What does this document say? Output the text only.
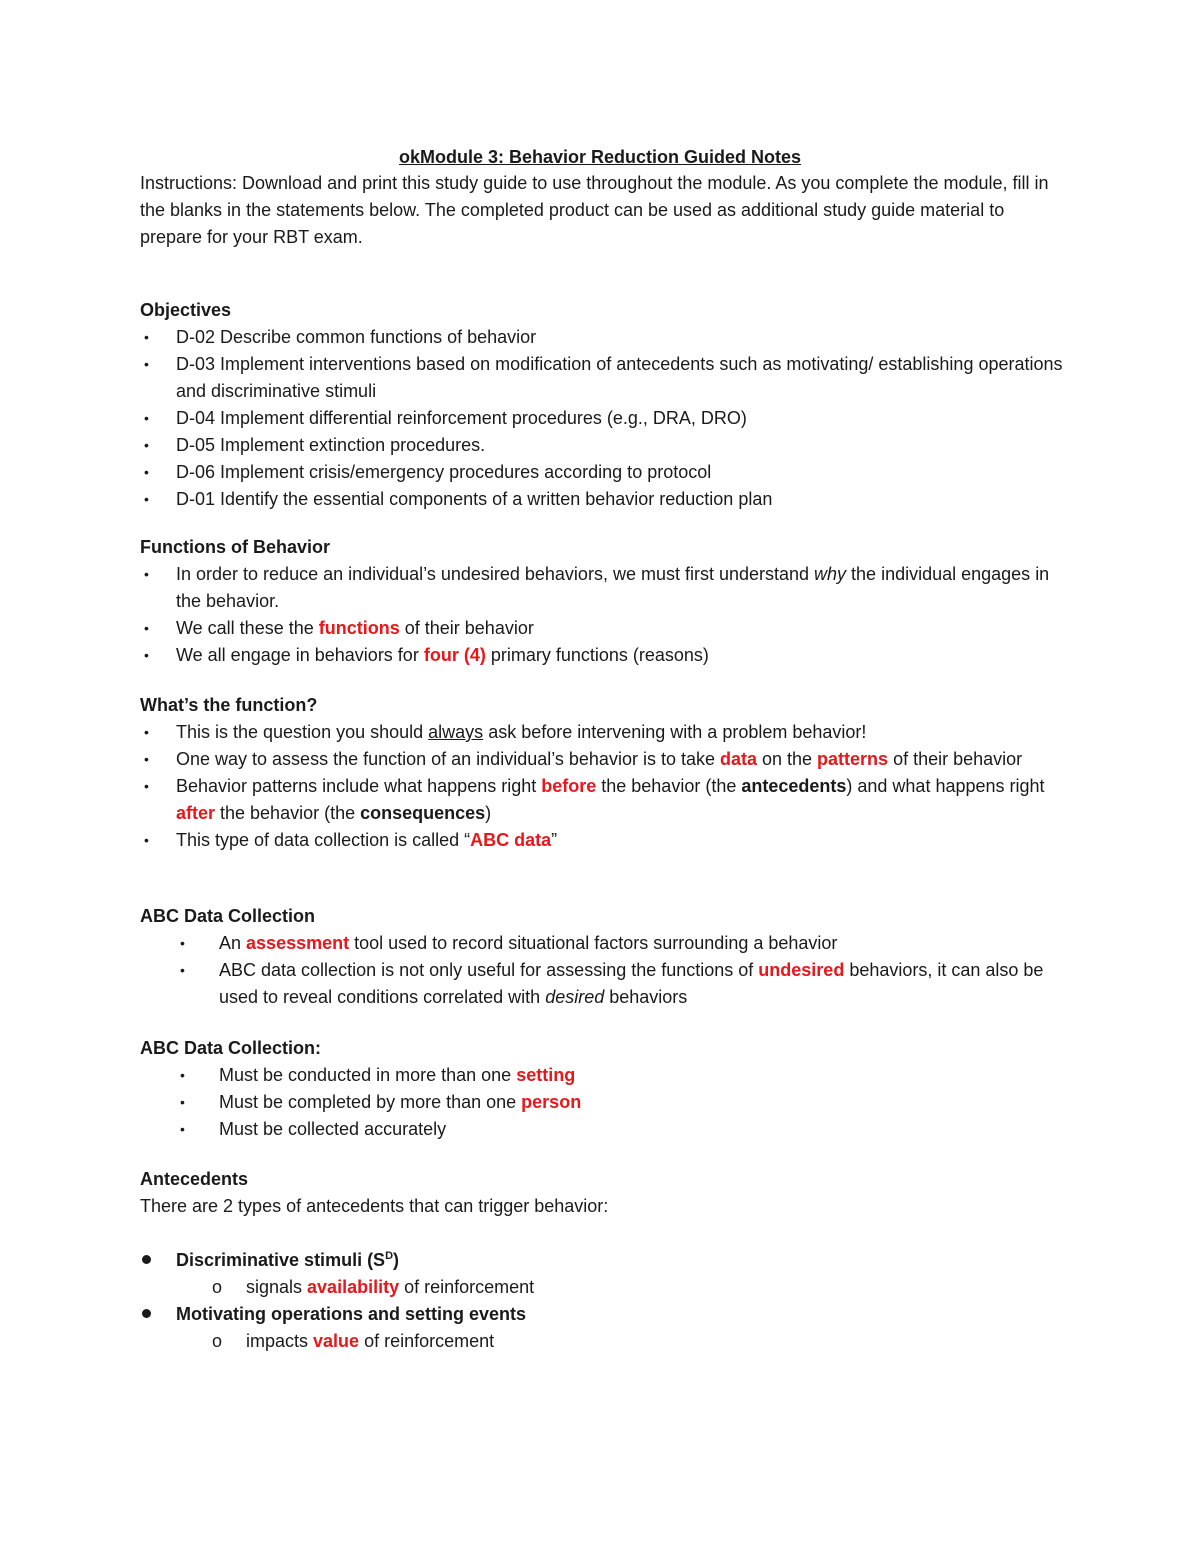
okModule 3: Behavior Reduction Guided Notes
Instructions: Download and print this study guide to use throughout the module. As you complete the module, fill in the blanks in the statements below. The completed product can be used as additional study guide material to prepare for your RBT exam.
Objectives
• D-02 Describe common functions of behavior
• D-03 Implement interventions based on modification of antecedents such as motivating/ establishing operations and discriminative stimuli
• D-04 Implement differential reinforcement procedures (e.g., DRA, DRO)
• D-05 Implement extinction procedures.
• D-06 Implement crisis/emergency procedures according to protocol
• D-01 Identify the essential components of a written behavior reduction plan
Functions of Behavior
• In order to reduce an individual’s undesired behaviors, we must first understand why the individual engages in the behavior.
• We call these the functions of their behavior
• We all engage in behaviors for four (4) primary functions (reasons)
What’s the function?
• This is the question you should always ask before intervening with a problem behavior!
• One way to assess the function of an individual’s behavior is to take data on the patterns of their behavior
• Behavior patterns include what happens right before the behavior (the antecedents) and what happens right after the behavior (the consequences)
• This type of data collection is called “ABC data”
ABC Data Collection
• An assessment tool used to record situational factors surrounding a behavior
• ABC data collection is not only useful for assessing the functions of undesired behaviors, it can also be used to reveal conditions correlated with desired behaviors
ABC Data Collection:
• Must be conducted in more than one setting
• Must be completed by more than one person
• Must be collected accurately
Antecedents
There are 2 types of antecedents that can trigger behavior:
Discriminative stimuli $(S^D)$
o signals availability of reinforcement
Motivating operations and setting events
o impacts value of reinforcement
